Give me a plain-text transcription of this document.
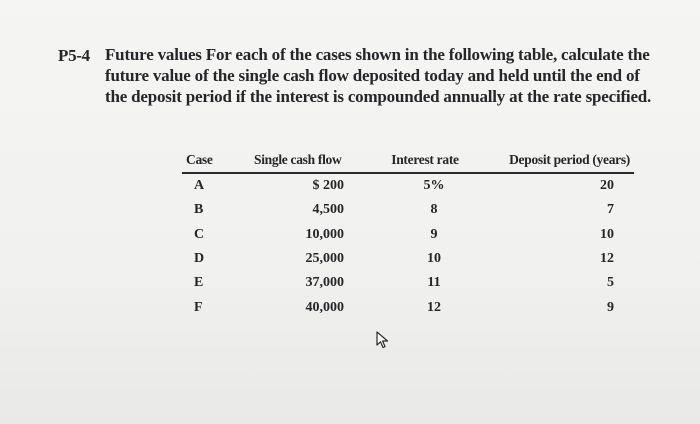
P5-4 Future values For each of the cases shown in the following table, calculate the future value of the single cash flow deposited today and held until the end of the deposit period if the interest is compounded annually at the rate specified.
Case	Single cash flow	Interest rate	Deposit period (years)
A	$ 200	5%	20
B	4,500	8	7
C	10,000	9	10
D	25,000	10	12
E	37,000	11	5
F	40,000	12	9
